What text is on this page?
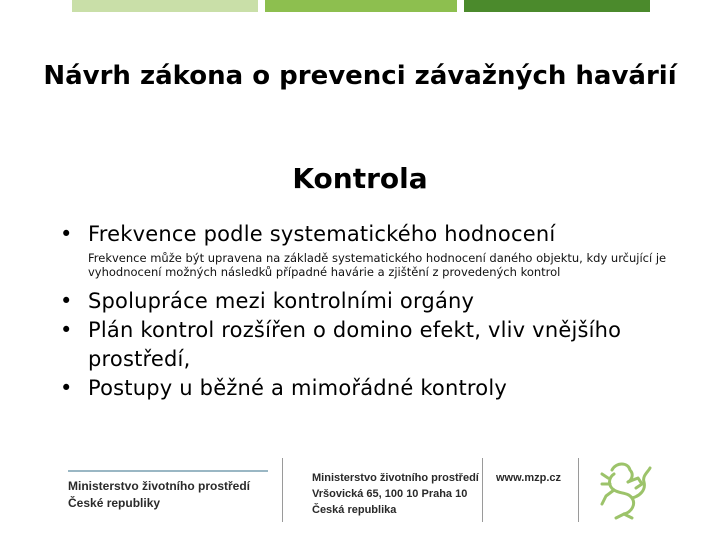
Návrh zákona o prevenci závažných havárií
Kontrola
• Frekvence podle systematického hodnocení
Frekvence může být upravena na základě systematického hodnocení daného objektu, kdy určující je vyhodnocení možných následků případné havárie a zjištění z provedených kontrol
• Spolupráce mezi kontrolními orgány
• Plán kontrol rozšířen o domino efekt, vliv vnějšího prostředí,
• Postupy u běžné a mimořádné kontroly
Ministerstvo životního prostředí
České republiky
Ministerstvo životního prostředí
Vršovická 65, 100 10 Praha 10
Česká republika
www.mzp.cz
